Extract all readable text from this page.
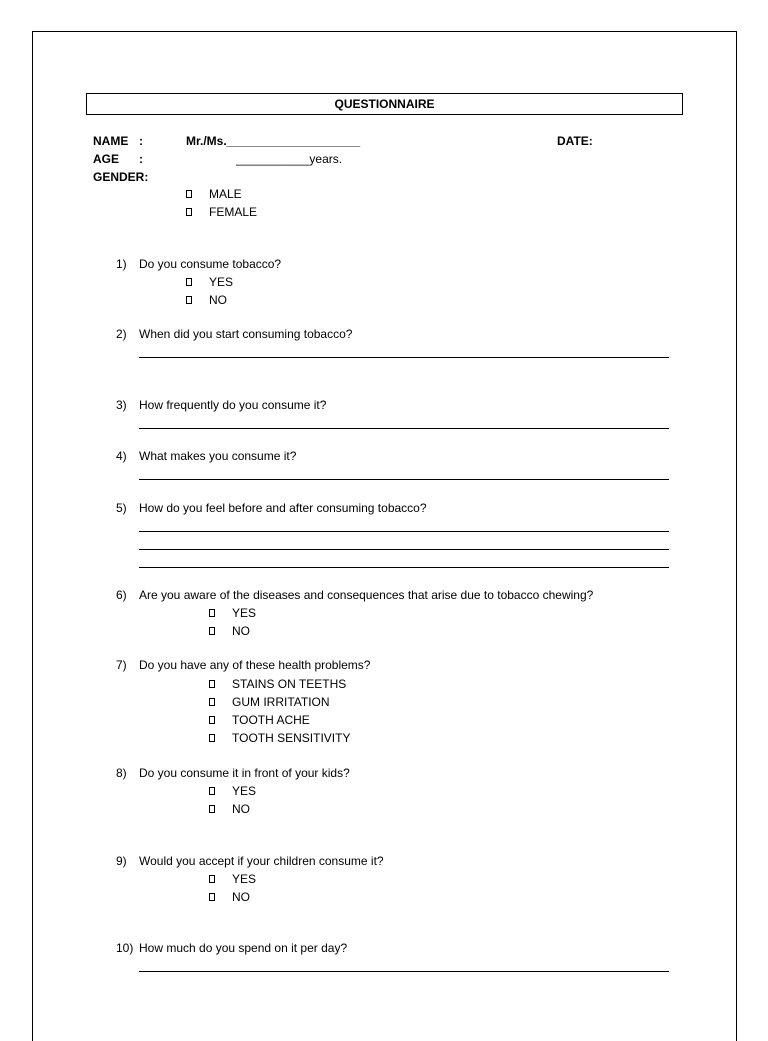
QUESTIONNAIRE
NAME :	Mr./Ms.____________________	DATE:
AGE :	___________years.
GENDER:
MALE
FEMALE
1) Do you consume tobacco?
YES
NO
2) When did you start consuming tobacco?
3) How frequently do you consume it?
4) What makes you consume it?
5) How do you feel before and after consuming tobacco?
6) Are you aware of the diseases and consequences that arise due to tobacco chewing?
YES
NO
7) Do you have any of these health problems?
STAINS ON TEETHS
GUM IRRITATION
TOOTH ACHE
TOOTH SENSITIVITY
8) Do you consume it in front of your kids?
YES
NO
9) Would you accept if your children consume it?
YES
NO
10) How much do you spend on it per day?
